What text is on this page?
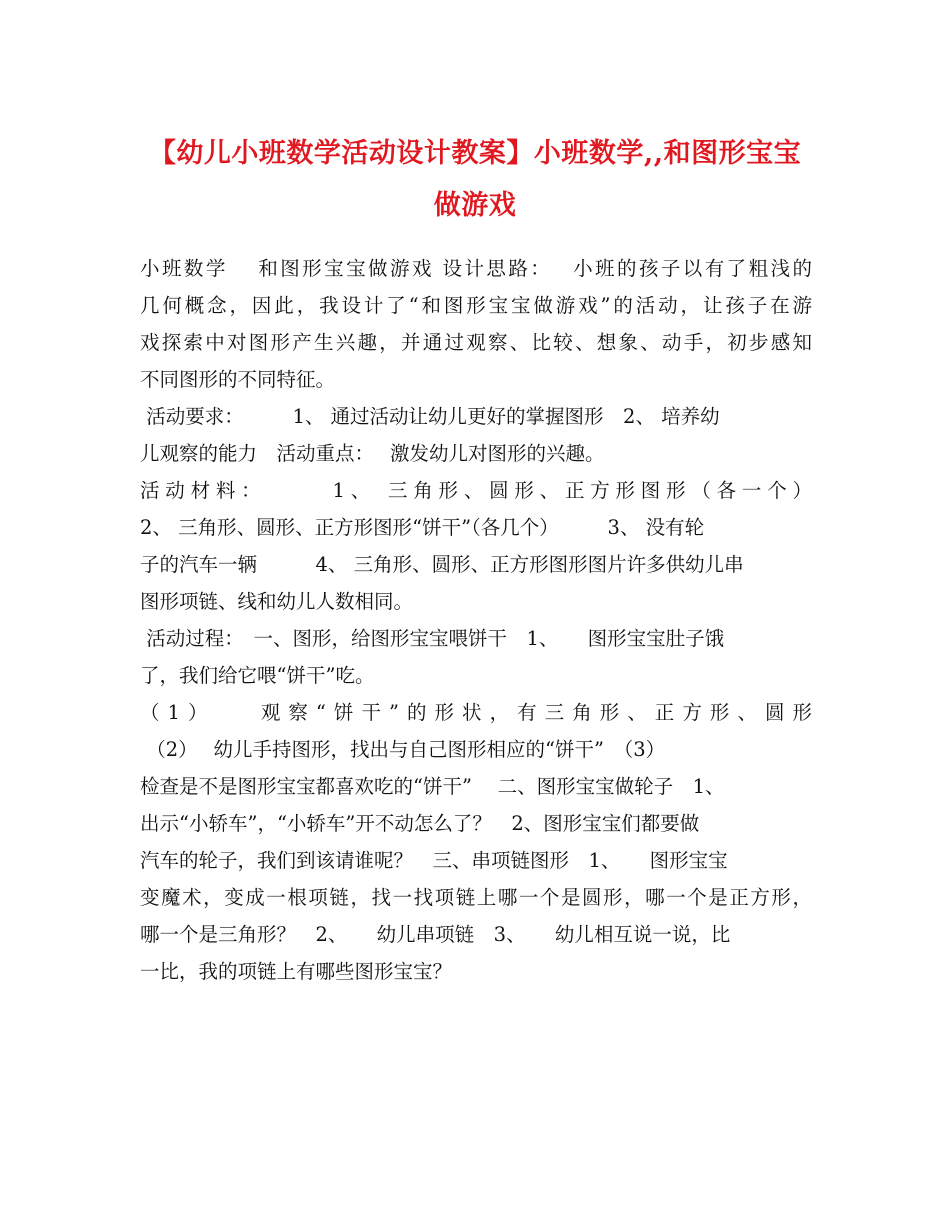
【幼儿小班数学活动设计教案】小班数学,,和图形宝宝
做游戏
小班数学　 和图形宝宝做游戏 设计思路：　 小班的孩子以有了粗浅的
几何概念，因此，我设计了“和图形宝宝做游戏”的活动，让孩子在游
戏探索中对图形产生兴趣，并通过观察、比较、想象、动手，初步感知
不同图形的不同特征。
活动要求：　　　1、 通过活动让幼儿更好的掌握图形　2、 培养幼
儿观察的能力　活动重点：　 激发幼儿对图形的兴趣。
活动材料：　　　1、 三角形、圆形、正方形图形（各一个）
2、 三角形、圆形、正方形图形“饼干”（各几个）　　　3、 没有轮
子的汽车一辆　　　4、 三角形、圆形、正方形图形图片许多供幼儿串
图形项链、线和幼儿人数相同。
活动过程：　一、图形，给图形宝宝喂饼干　1、　　图形宝宝肚子饿
了，我们给它喂“饼干”吃。
（1）　　观察“饼干”的形状，有三角形、正方形、圆形
（2）　 幼儿手持图形，找出与自己图形相应的“饼干”　（3）
检查是不是图形宝宝都喜欢吃的“饼干”　 二、图形宝宝做轮子　1、
出示“小轿车”，“小轿车”开不动怎么了？　2、图形宝宝们都要做
汽车的轮子，我们到该请谁呢？　三、串项链图形　1、　　图形宝宝
变魔术，变成一根项链，找一找项链上哪一个是圆形，哪一个是正方形，
哪一个是三角形？　2、　　幼儿串项链　3、　　幼儿相互说一说，比
一比，我的项链上有哪些图形宝宝？
